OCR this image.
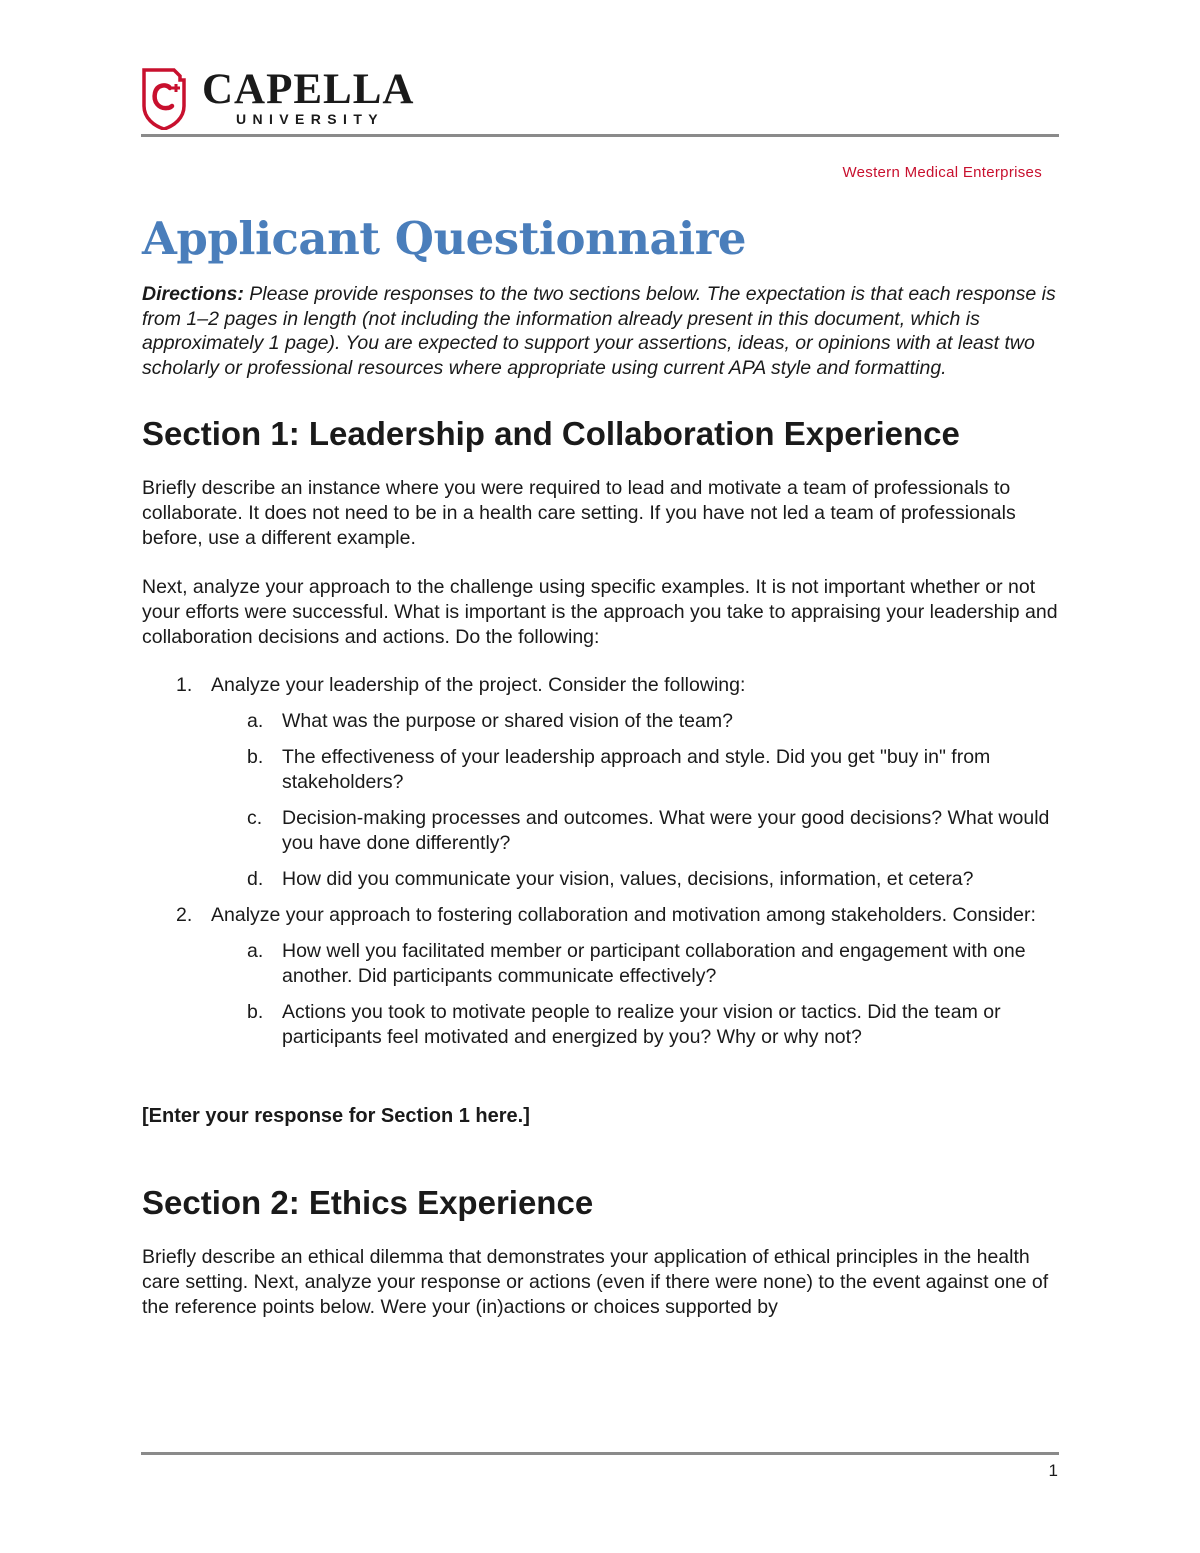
CAPELLA
UNIVERSITY
Western Medical Enterprises
Applicant Questionnaire

Directions: Please provide responses to the two sections below. The expectation is that each response is from 1–2 pages in length (not including the information already present in this document, which is approximately 1 page). You are expected to support your assertions, ideas, or opinions with at least two scholarly or professional resources where appropriate using current APA style and formatting.

Section 1: Leadership and Collaboration Experience

Briefly describe an instance where you were required to lead and motivate a team of professionals to collaborate. It does not need to be in a health care setting. If you have not led a team of professionals before, use a different example.

Next, analyze your approach to the challenge using specific examples. It is not important whether or not your efforts were successful. What is important is the approach you take to appraising your leadership and collaboration decisions and actions. Do the following:

1. Analyze your leadership of the project. Consider the following:
a. What was the purpose or shared vision of the team?
b. The effectiveness of your leadership approach and style. Did you get "buy in" from stakeholders?
c. Decision-making processes and outcomes. What were your good decisions? What would you have done differently?
d. How did you communicate your vision, values, decisions, information, et cetera?
2. Analyze your approach to fostering collaboration and motivation among stakeholders. Consider:
a. How well you facilitated member or participant collaboration and engagement with one another. Did participants communicate effectively?
b. Actions you took to motivate people to realize your vision or tactics. Did the team or participants feel motivated and energized by you? Why or why not?

[Enter your response for Section 1 here.]

Section 2: Ethics Experience

Briefly describe an ethical dilemma that demonstrates your application of ethical principles in the health care setting. Next, analyze your response or actions (even if there were none) to the event against one of the reference points below. Were your (in)actions or choices supported by

1
